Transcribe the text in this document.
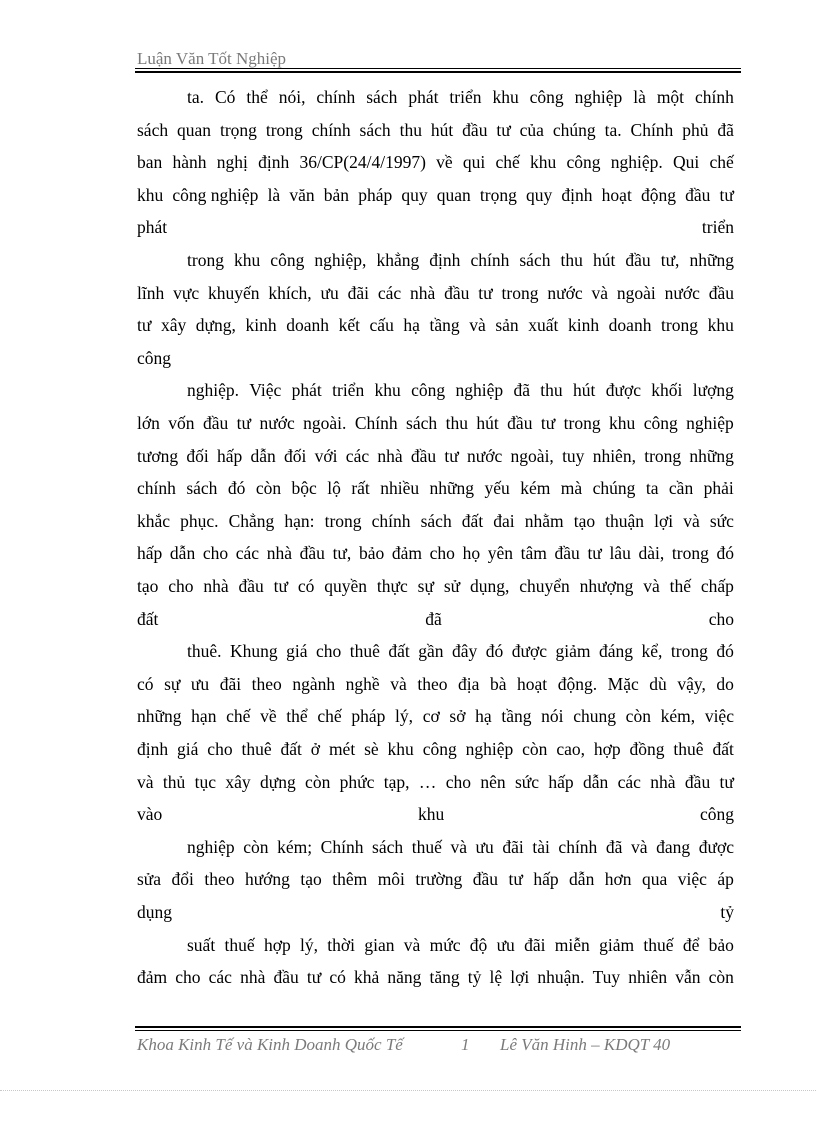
Luận Văn Tốt Nghiệp
ta. Có thể nói, chính sách phát triển khu công nghiệp là một chính
sách quan trọng trong chính sách thu hút đầu tư của chúng ta. Chính phủ đã
ban hành nghị định 36/CP(24/4/1997) về qui chế khu công nghiệp. Qui chế
khu công nghiệp là văn bản pháp quy quan trọng quy định hoạt động đầu tư
phát	triển
trong khu công nghiệp, khẳng định chính sách thu hút đầu tư, những
lĩnh vực khuyến khích, ưu đãi các nhà đầu tư trong nước và ngoài nước đầu
tư xây dựng, kinh doanh kết cấu hạ tầng và sản xuất kinh doanh trong khu
công
nghiệp. Việc phát triển khu công nghiệp đã thu hút được khối lượng
lớn vốn đầu tư nước ngoài. Chính sách thu hút đầu tư trong khu công nghiệp
tương đối hấp dẫn đối với các nhà đầu tư nước ngoài, tuy nhiên, trong những
chính sách đó còn bộc lộ rất nhiều những yếu kém mà chúng ta cần phải
khắc phục. Chẳng hạn: trong chính sách đất đai nhằm tạo thuận lợi và sức
hấp dẫn cho các nhà đầu tư, bảo đảm cho họ yên tâm đầu tư lâu dài, trong đó
tạo cho nhà đầu tư có quyền thực sự sử dụng, chuyển nhượng và thế chấp
đất	đã	cho
thuê. Khung giá cho thuê đất gần đây đó được giảm đáng kể, trong đó
có sự ưu đãi theo ngành nghề và theo địa bà hoạt động. Mặc dù vậy, do
những hạn chế về thể chế pháp lý, cơ sở hạ tầng nói chung còn kém, việc
định giá cho thuê đất ở mét sè khu công nghiệp còn cao, hợp đồng thuê đất
và thủ tục xây dựng còn phức tạp, … cho nên sức hấp dẫn các nhà đầu tư
vào	khu	công
nghiệp còn kém; Chính sách thuế và ưu đãi tài chính đã và đang được
sửa đổi theo hướng tạo thêm môi trường đầu tư hấp dẫn hơn qua việc áp
dụng	tỷ
suất thuế hợp lý, thời gian và mức độ ưu đãi miễn giảm thuế để bảo
đảm cho các nhà đầu tư có khả năng tăng tỷ lệ lợi nhuận. Tuy nhiên vẫn còn
Khoa Kinh Tế và Kinh Doanh Quốc Tế	1 Lê Văn Hinh – KDQT 40
